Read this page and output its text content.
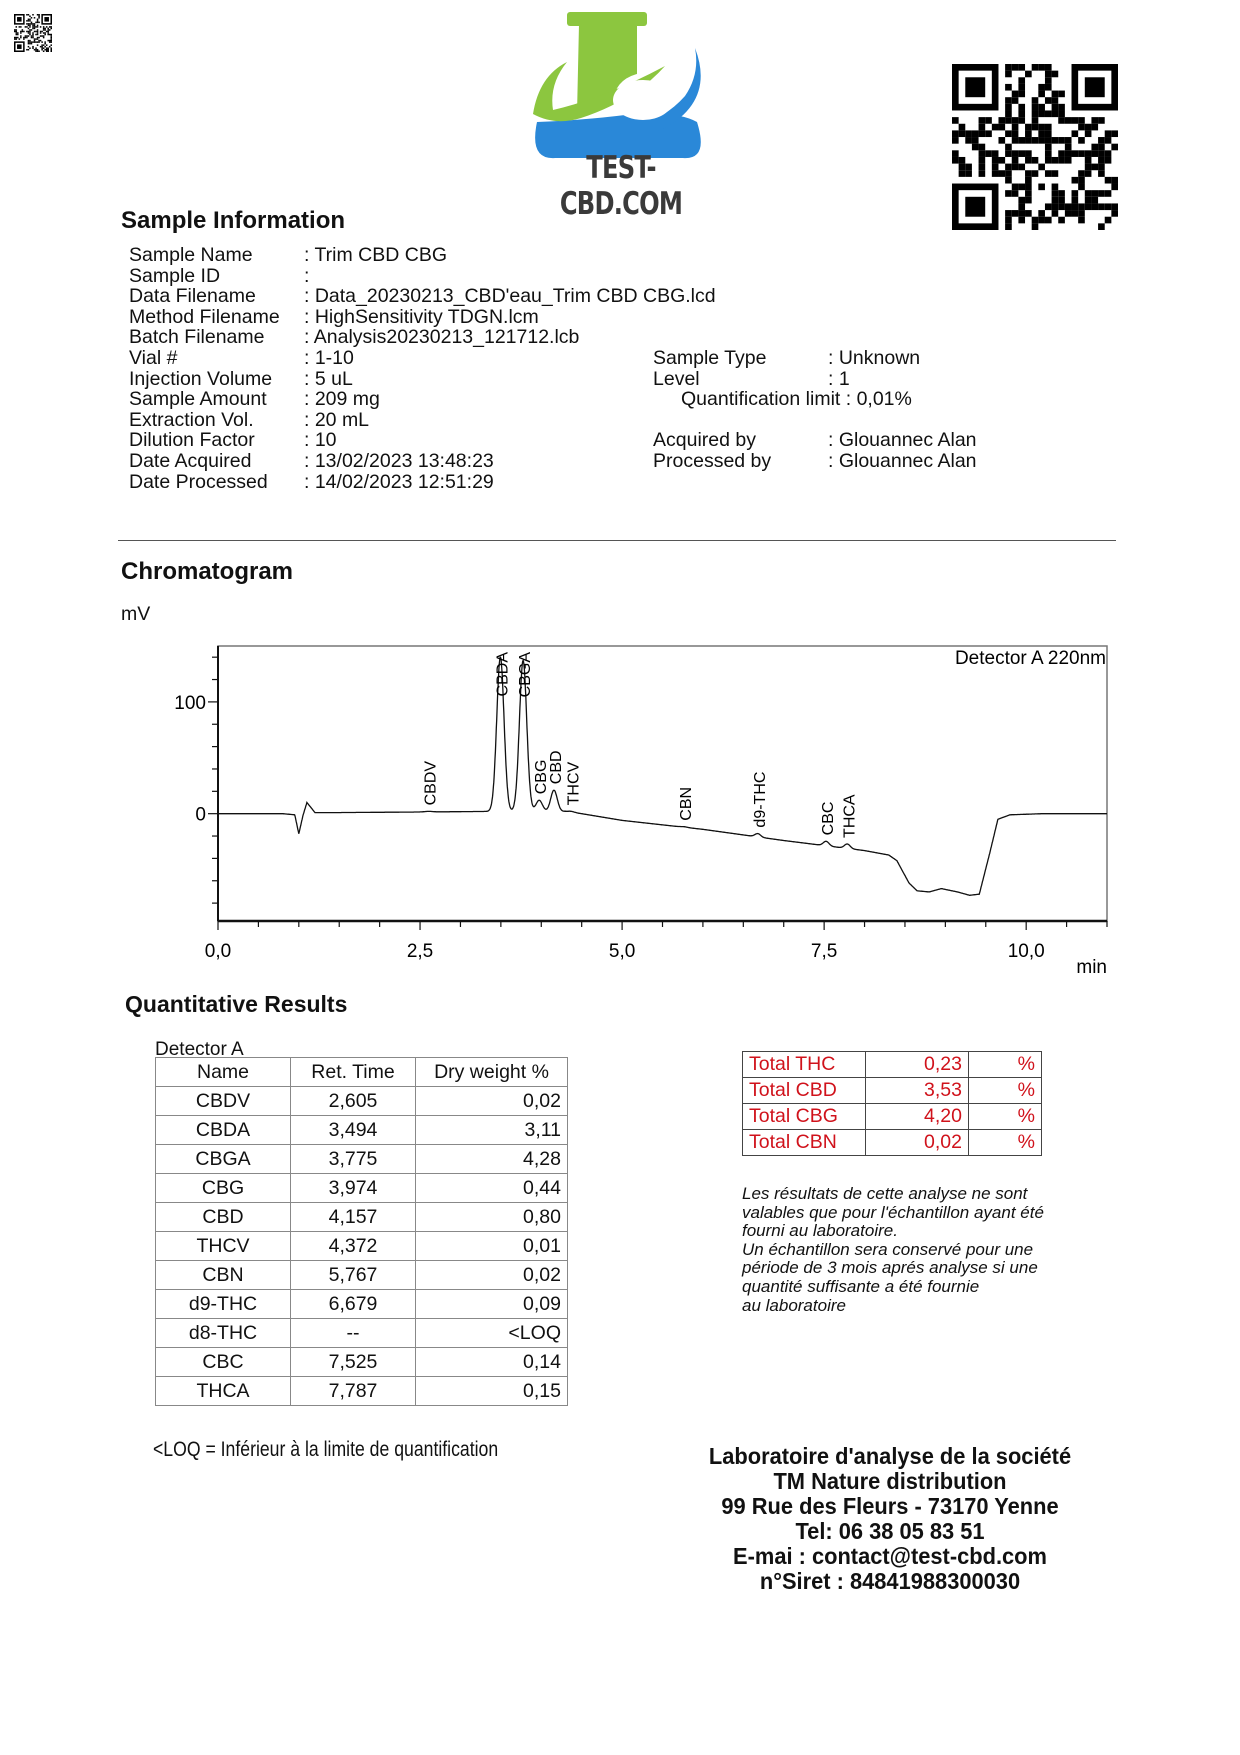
TEST-CBD.COM
Sample Information
Sample Name	: Trim CBD CBG
Sample ID	:
Data Filename	: Data_20230213_CBD'eau_Trim CBD CBG.lcd
Method Filename	: HighSensitivity TDGN.lcm
Batch Filename	: Analysis20230213_121712.lcb
Vial #	: 1-10
Injection Volume	: 5 uL
Sample Amount	: 209 mg
Extraction Vol.	: 20 mL
Dilution Factor	: 10
Date Acquired	: 13/02/2023 13:48:23
Date Processed	: 14/02/2023 12:51:29
Sample Type	: Unknown
Level	: 1
Quantification limit : 0,01%
Acquired by	: Glouannec Alan
Processed by	: Glouannec Alan
Chromatogram
mV
0,0	2,5	5,0	7,5	10,0
100
0
CBDV
CBDA CBGA
CBG
CBD THCV	CBN	d9-THC	CBC THCA
Detector A 220nm
min
Quantitative Results
Detector A
Name	Ret. Time	Dry weight %
CBDV	2,605	0,02
CBDA	3,494	3,11
CBGA	3,775	4,28
CBG	3,974	0,44
CBD	4,157	0,80
THCV	4,372	0,01
CBN	5,767	0,02
d9-THC	6,679	0,09
d8-THC	--	<LOQ
CBC	7,525	0,14
THCA	7,787	0,15
Total THC	0,23	%
Total CBD	3,53	%
Total CBG	4,20	%
Total CBN	0,02	%
Les résultats de cette analyse ne sont
valables que pour l'échantillon ayant été
fourni au laboratoire.
Un échantillon sera conservé pour une
période de 3 mois aprés analyse si une
quantité suffisante a été fournie
au laboratoire
<LOQ = Inférieur à la limite de quantification	Laboratoire d'analyse de la société
TM Nature distribution
99 Rue des Fleurs - 73170 Yenne
Tel: 06 38 05 83 51
E-mai : contact@test-cbd.com
n°Siret : 84841988300030
